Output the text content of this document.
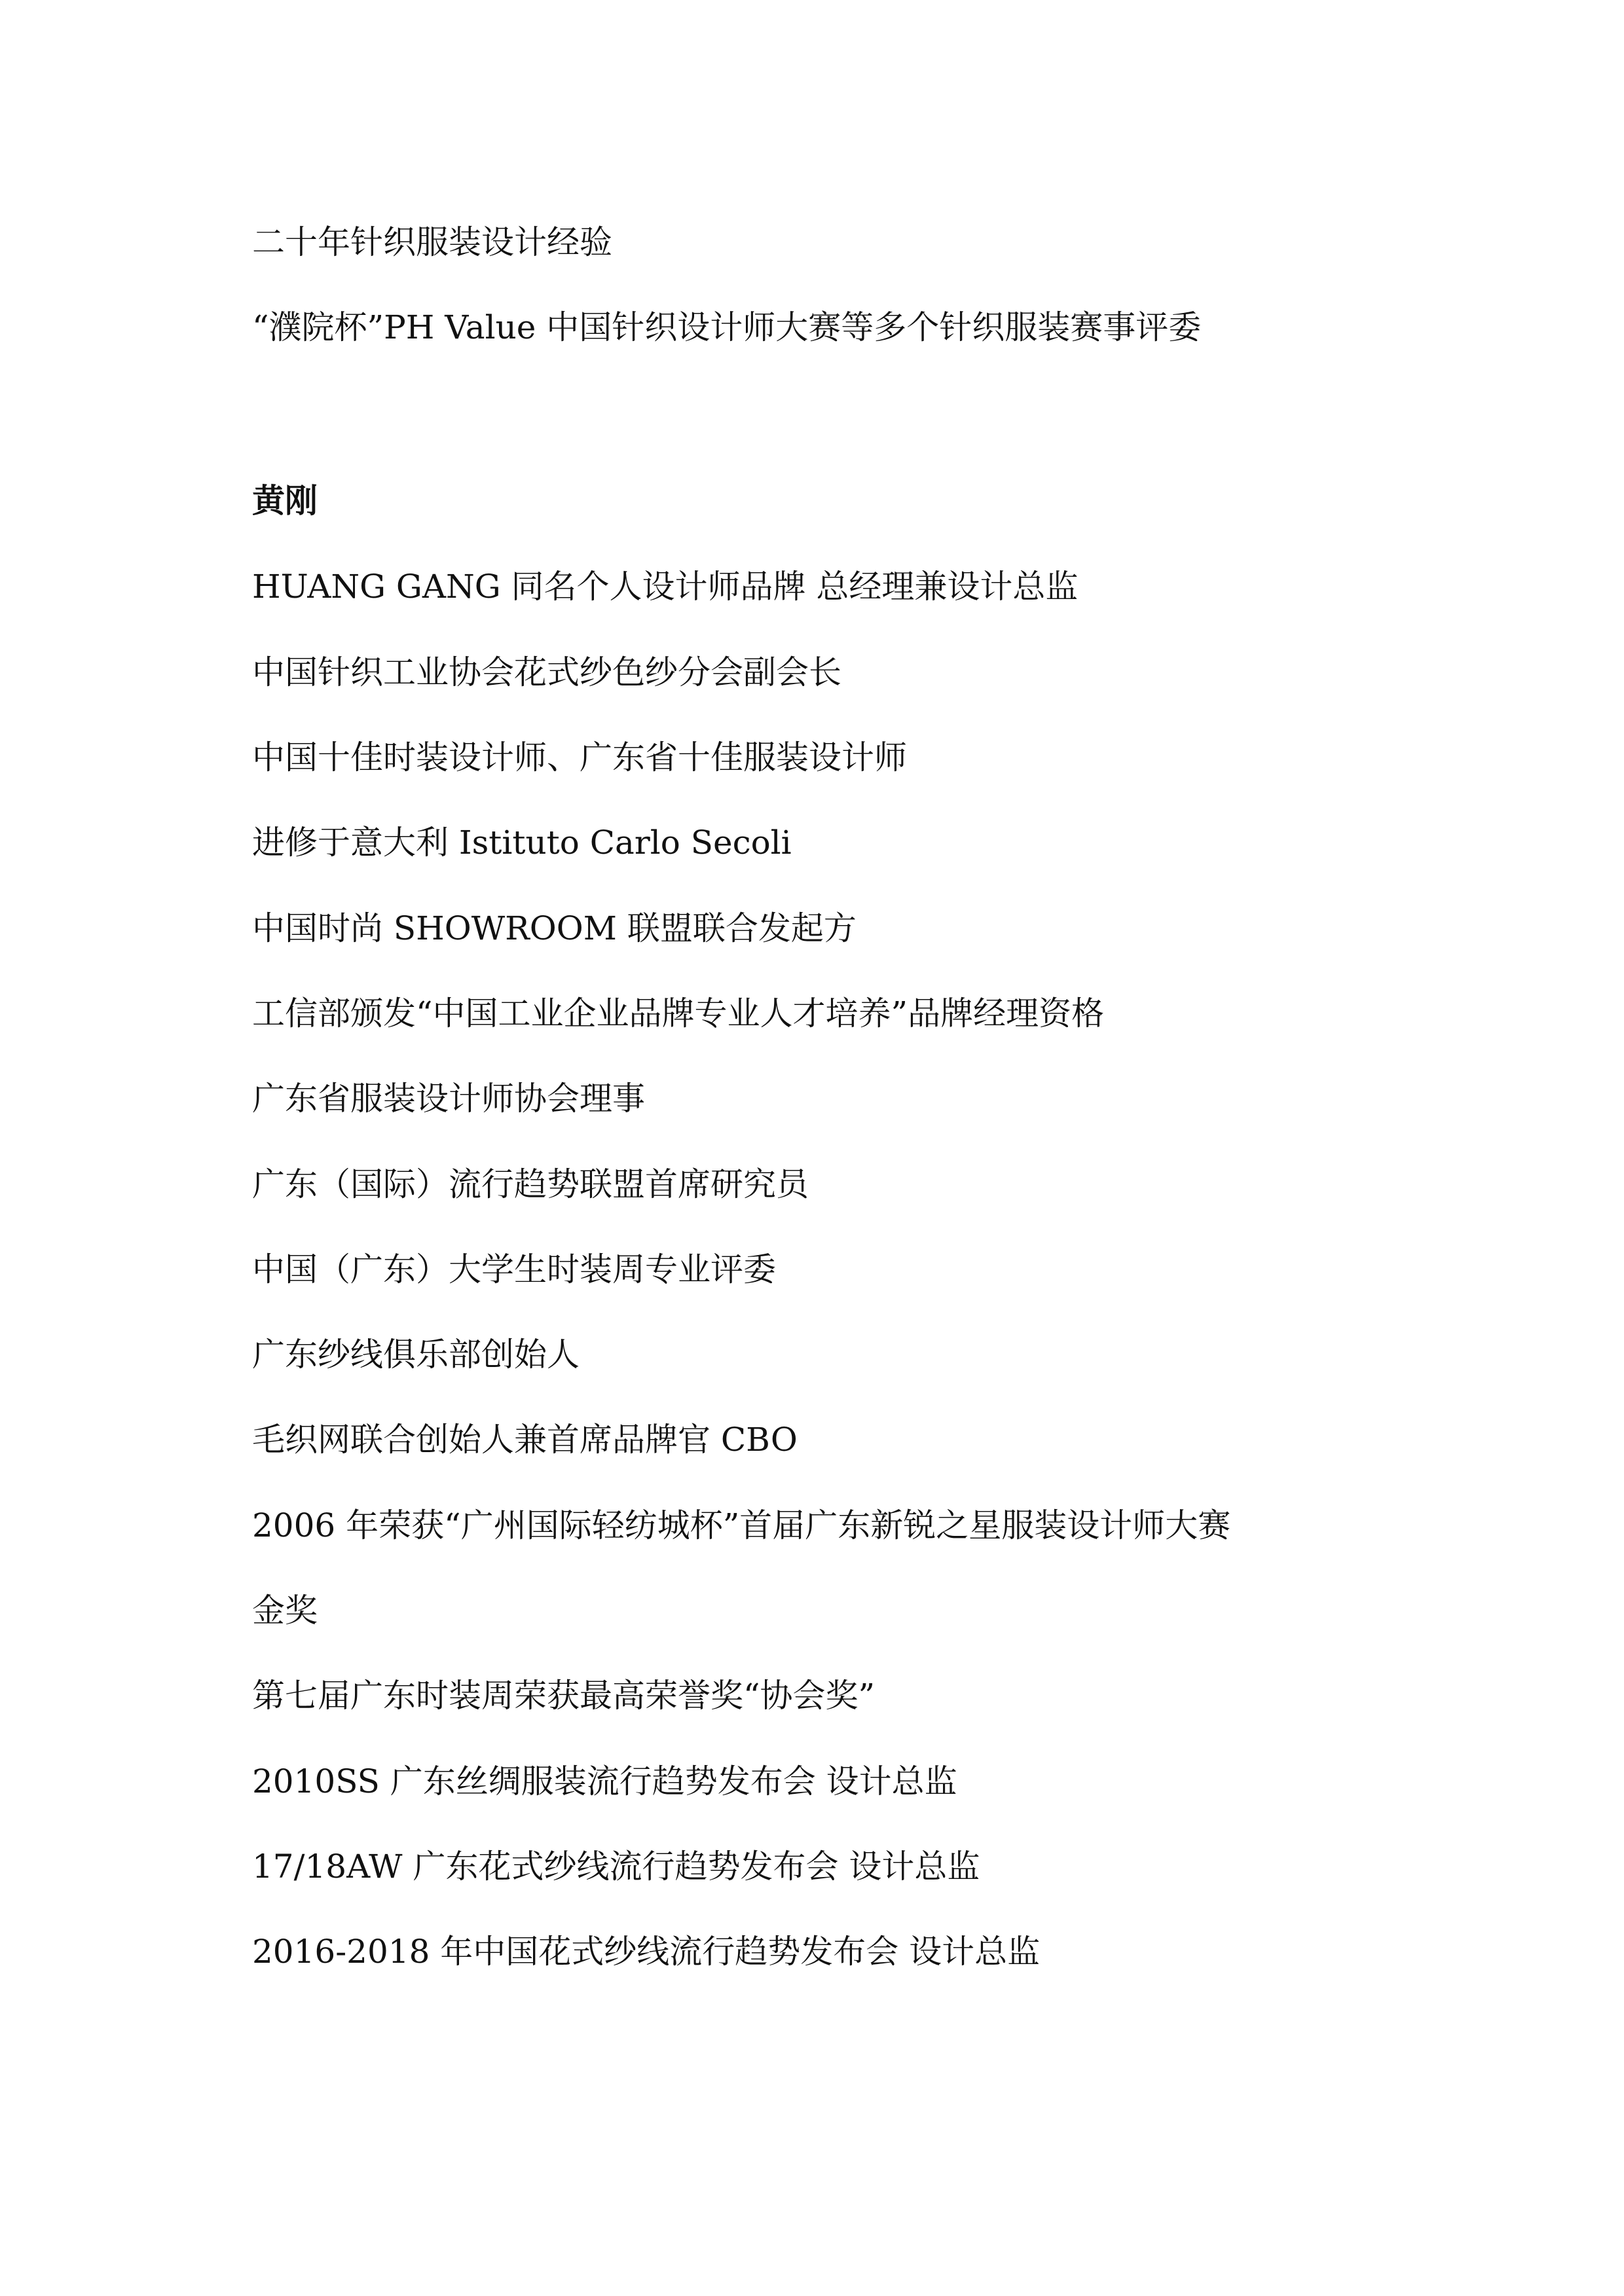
二十年针织服装设计经验
“濮院杯”PH Value 中国针织设计师大赛等多个针织服装赛事评委
黄刚
HUANG GANG 同名个人设计师品牌 总经理兼设计总监
中国针织工业协会花式纱色纱分会副会长
中国十佳时装设计师、广东省十佳服装设计师
进修于意大利 Istituto Carlo Secoli
中国时尚 SHOWROOM 联盟联合发起方
工信部颁发“中国工业企业品牌专业人才培养”品牌经理资格
广东省服装设计师协会理事
广东（国际）流行趋势联盟首席研究员
中国（广东）大学生时装周专业评委
广东纱线俱乐部创始人
毛织网联合创始人兼首席品牌官 CBO
2006 年荣获“广州国际轻纺城杯”首届广东新锐之星服装设计师大赛
金奖
第七届广东时装周荣获最高荣誉奖“协会奖”
2010SS 广东丝绸服装流行趋势发布会 设计总监
17/18AW 广东花式纱线流行趋势发布会 设计总监
2016-2018 年中国花式纱线流行趋势发布会 设计总监
